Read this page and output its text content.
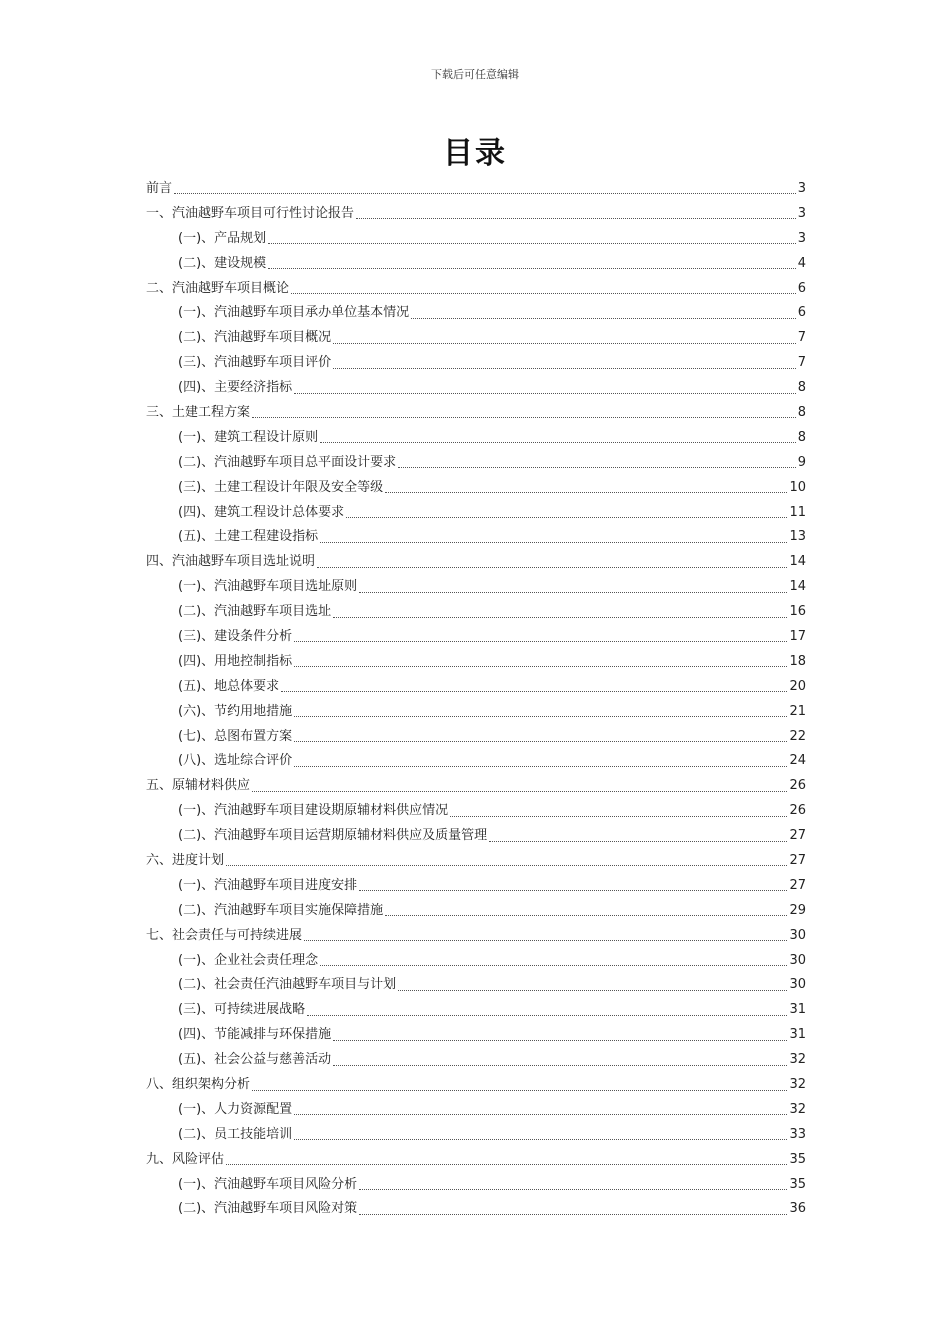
下载后可任意编辑
目录
前言	3
一、汽油越野车项目可行性讨论报告	3
(一)、产品规划	3
(二)、建设规模	4
二、汽油越野车项目概论	6
(一)、汽油越野车项目承办单位基本情况	6
(二)、汽油越野车项目概况	7
(三)、汽油越野车项目评价	7
(四)、主要经济指标	8
三、土建工程方案	8
(一)、建筑工程设计原则	8
(二)、汽油越野车项目总平面设计要求	9
(三)、土建工程设计年限及安全等级	10
(四)、建筑工程设计总体要求	11
(五)、土建工程建设指标	13
四、汽油越野车项目选址说明	14
(一)、汽油越野车项目选址原则	14
(二)、汽油越野车项目选址	16
(三)、建设条件分析	17
(四)、用地控制指标	18
(五)、地总体要求	20
(六)、节约用地措施	21
(七)、总图布置方案	22
(八)、选址综合评价	24
五、原辅材料供应	26
(一)、汽油越野车项目建设期原辅材料供应情况	26
(二)、汽油越野车项目运营期原辅材料供应及质量管理	27
六、进度计划	27
(一)、汽油越野车项目进度安排	27
(二)、汽油越野车项目实施保障措施	29
七、社会责任与可持续进展	30
(一)、企业社会责任理念	30
(二)、社会责任汽油越野车项目与计划	30
(三)、可持续进展战略	31
(四)、节能减排与环保措施	31
(五)、社会公益与慈善活动	32
八、组织架构分析	32
(一)、人力资源配置	32
(二)、员工技能培训	33
九、风险评估	35
(一)、汽油越野车项目风险分析	35
(二)、汽油越野车项目风险对策	36
